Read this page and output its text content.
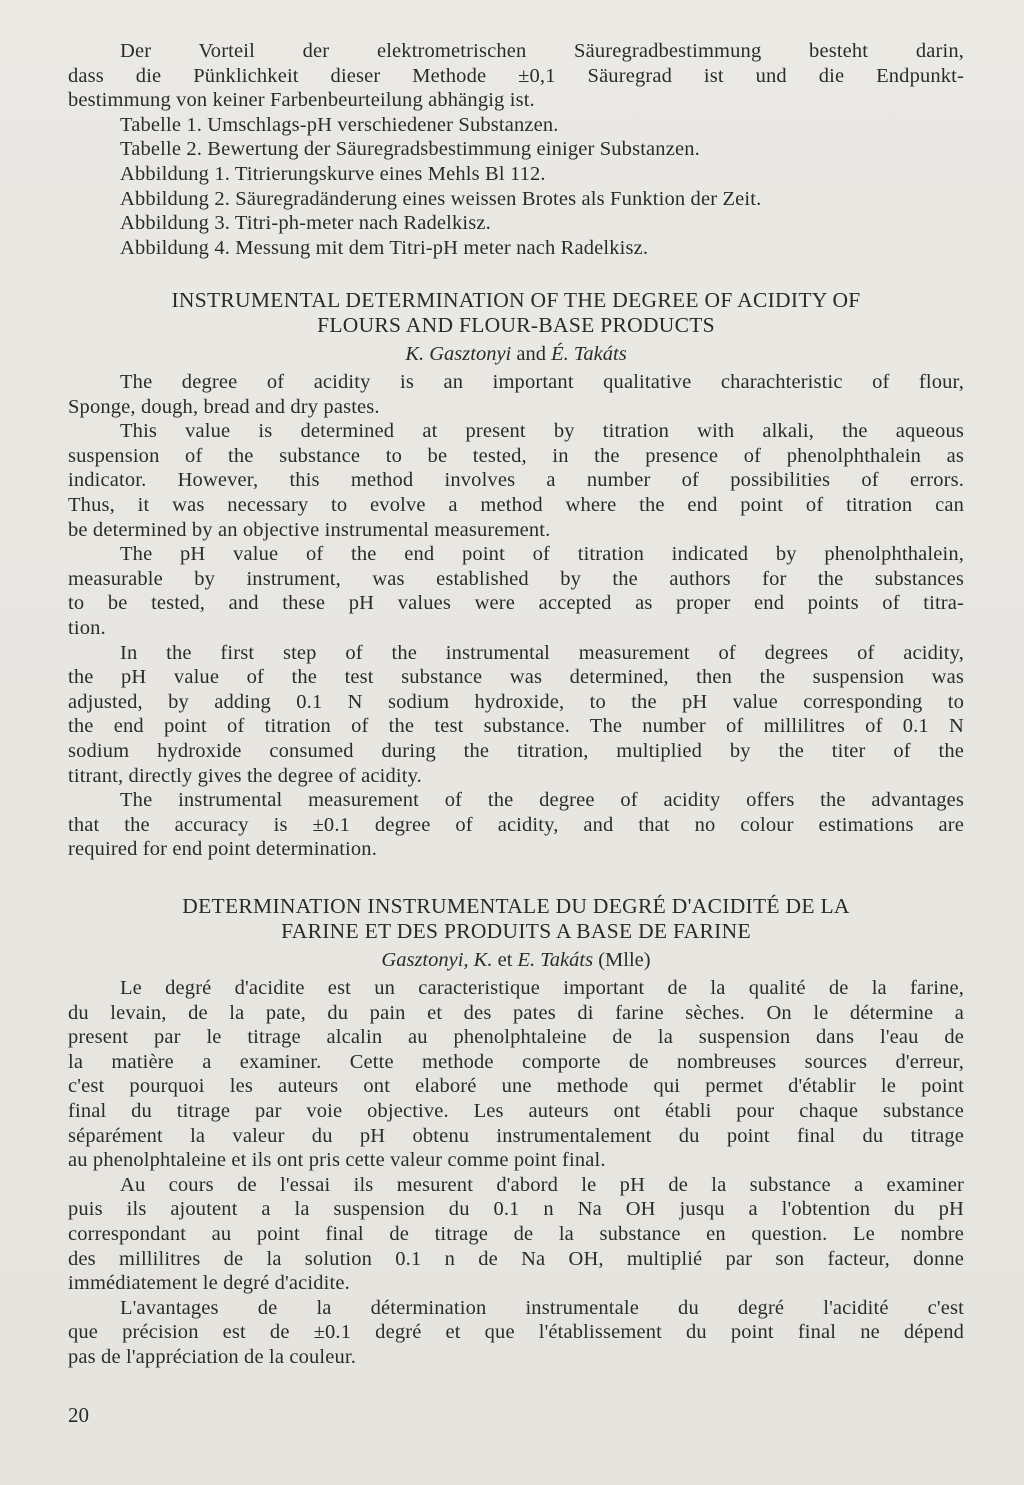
Der Vorteil der elektrometrischen Säuregradbestimmung besteht darin,
dass die Pünklichkeit dieser Methode ±0,1 Säuregrad ist und die Endpunkt-
bestimmung von keiner Farbenbeurteilung abhängig ist.
Tabelle 1. Umschlags-pH verschiedener Substanzen.
Tabelle 2. Bewertung der Säuregradsbestimmung einiger Substanzen.
Abbildung 1. Titrierungskurve eines Mehls Bl 112.
Abbildung 2. Säuregradänderung eines weissen Brotes als Funktion der Zeit.
Abbildung 3. Titri-ph-meter nach Radelkisz.
Abbildung 4. Messung mit dem Titri-pH meter nach Radelkisz.
INSTRUMENTAL DETERMINATION OF THE DEGREE OF ACIDITY OF
FLOURS AND FLOUR-BASE PRODUCTS
K. Gasztonyi and É. Takáts
The degree of acidity is an important qualitative charachteristic of flour,
Sponge, dough, bread and dry pastes.
This value is determined at present by titration with alkali, the aqueous
suspension of the substance to be tested, in the presence of phenolphthalein as
indicator. However, this method involves a number of possibilities of errors.
Thus, it was necessary to evolve a method where the end point of titration can
be determined by an objective instrumental measurement.
The pH value of the end point of titration indicated by phenolphthalein,
measurable by instrument, was established by the authors for the substances
to be tested, and these pH values were accepted as proper end points of titra-
tion.
In the first step of the instrumental measurement of degrees of acidity,
the pH value of the test substance was determined, then the suspension was
adjusted, by adding 0.1 N sodium hydroxide, to the pH value corresponding to
the end point of titration of the test substance. The number of millilitres of 0.1 N
sodium hydroxide consumed during the titration, multiplied by the titer of the
titrant, directly gives the degree of acidity.
The instrumental measurement of the degree of acidity offers the advantages
that the accuracy is ±0.1 degree of acidity, and that no colour estimations are
required for end point determination.
DETERMINATION INSTRUMENTALE DU DEGRÉ D'ACIDITÉ DE LA
FARINE ET DES PRODUITS A BASE DE FARINE
Gasztonyi, K. et E. Takáts (Mlle)
Le degré d'acidite est un caracteristique important de la qualité de la farine,
du levain, de la pate, du pain et des pates di farine sèches. On le détermine a
present par le titrage alcalin au phenolphtaleine de la suspension dans l'eau de
la matière a examiner. Cette methode comporte de nombreuses sources d'erreur,
c'est pourquoi les auteurs ont elaboré une methode qui permet d'établir le point
final du titrage par voie objective. Les auteurs ont établi pour chaque substance
séparément la valeur du pH obtenu instrumentalement du point final du titrage
au phenolphtaleine et ils ont pris cette valeur comme point final.
Au cours de l'essai ils mesurent d'abord le pH de la substance a examiner
puis ils ajoutent a la suspension du 0.1 n Na OH jusqu a l'obtention du pH
correspondant au point final de titrage de la substance en question. Le nombre
des millilitres de la solution 0.1 n de Na OH, multiplié par son facteur, donne
immédiatement le degré d'acidite.
L'avantages de la détermination instrumentale du degré l'acidité c'est
que précision est de ±0.1 degré et que l'établissement du point final ne dépend
pas de l'appréciation de la couleur.
20
